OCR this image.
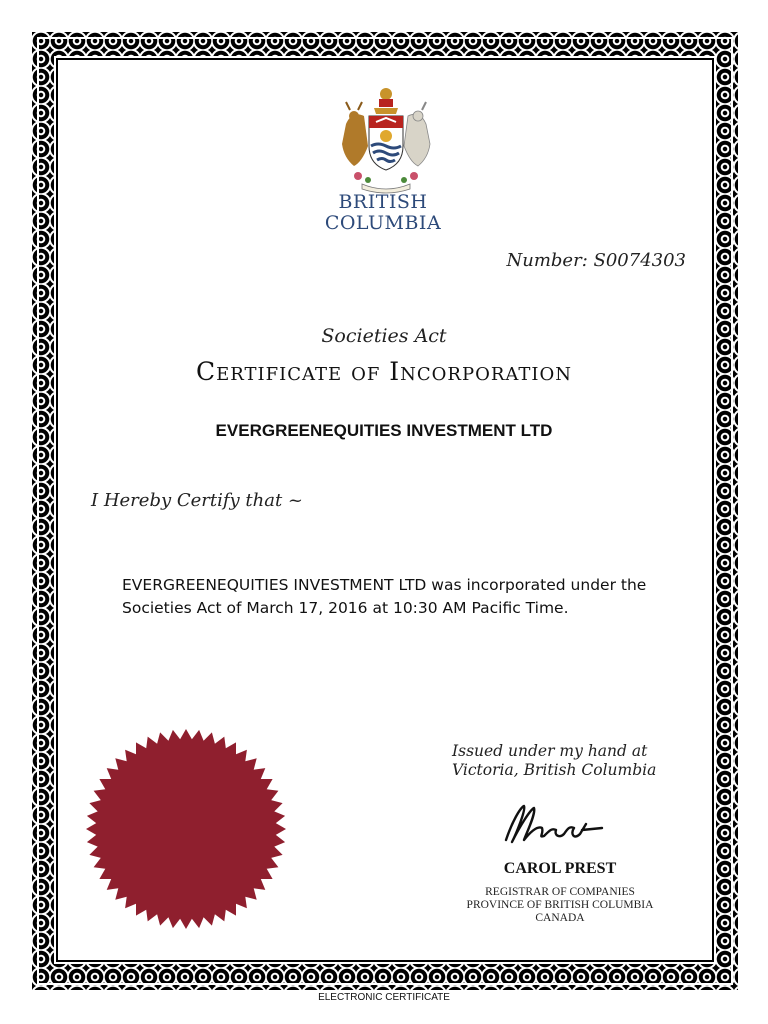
BRITISH
COLUMBIA
Number: S0074303
Societies Act
Certificate of Incorporation
EVERGREENEQUITIES INVESTMENT LTD
I Hereby Certify that ~
EVERGREENEQUITIES INVESTMENT LTD was incorporated under the Societies Act of March 17, 2016 at 10:30 AM Pacific Time.
Issued under my hand at
Victoria, British Columbia
CAROL PREST
REGISTRAR OF COMPANIES
PROVINCE OF BRITISH COLUMBIA
CANADA
ELECTRONIC CERTIFICATE
